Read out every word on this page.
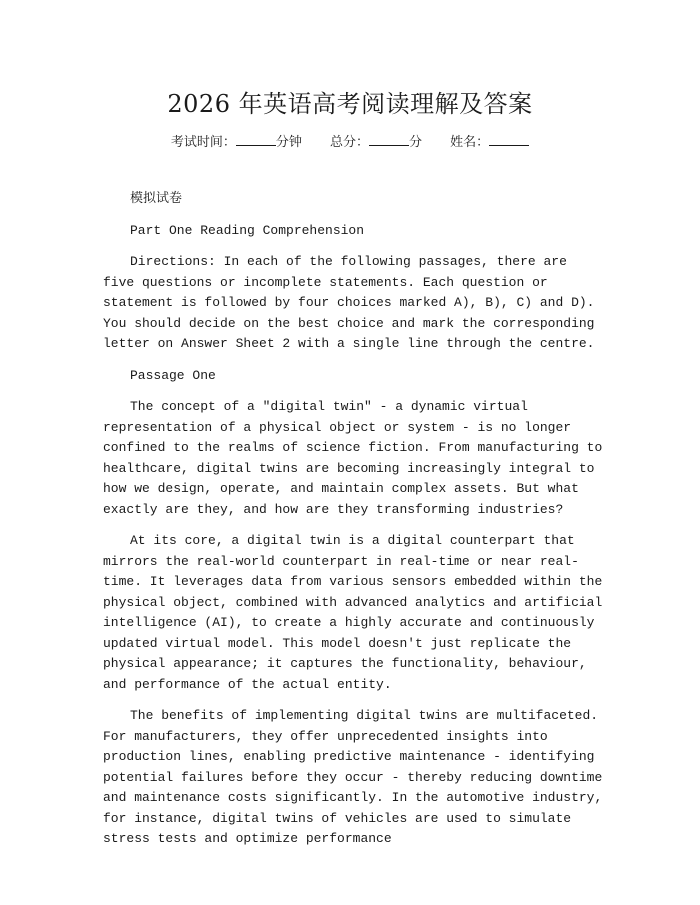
2026 年英语高考阅读理解及答案
考试时间：	分钟 总分：	分 姓名：

模拟试卷

Part One Reading Comprehension

Directions: In each of the following passages, there are five questions or incomplete statements. Each question or statement is followed by four choices marked A), B), C) and D). You should decide on the best choice and mark the corresponding letter on Answer Sheet 2 with a single line through the centre.

Passage One

The concept of a "digital twin" - a dynamic virtual representation of a physical object or system - is no longer confined to the realms of science fiction. From manufacturing to healthcare, digital twins are becoming increasingly integral to how we design, operate, and maintain complex assets. But what exactly are they, and how are they transforming industries?

At its core, a digital twin is a digital counterpart that mirrors the real-world counterpart in real-time or near real-time. It leverages data from various sensors embedded within the physical object, combined with advanced analytics and artificial intelligence (AI), to create a highly accurate and continuously updated virtual model. This model doesn't just replicate the physical appearance; it captures the functionality, behaviour, and performance of the actual entity.

The benefits of implementing digital twins are multifaceted. For manufacturers, they offer unprecedented insights into production lines, enabling predictive maintenance - identifying potential failures before they occur - thereby reducing downtime and maintenance costs significantly. In the automotive industry, for instance, digital twins of vehicles are used to simulate stress tests and optimize performance
